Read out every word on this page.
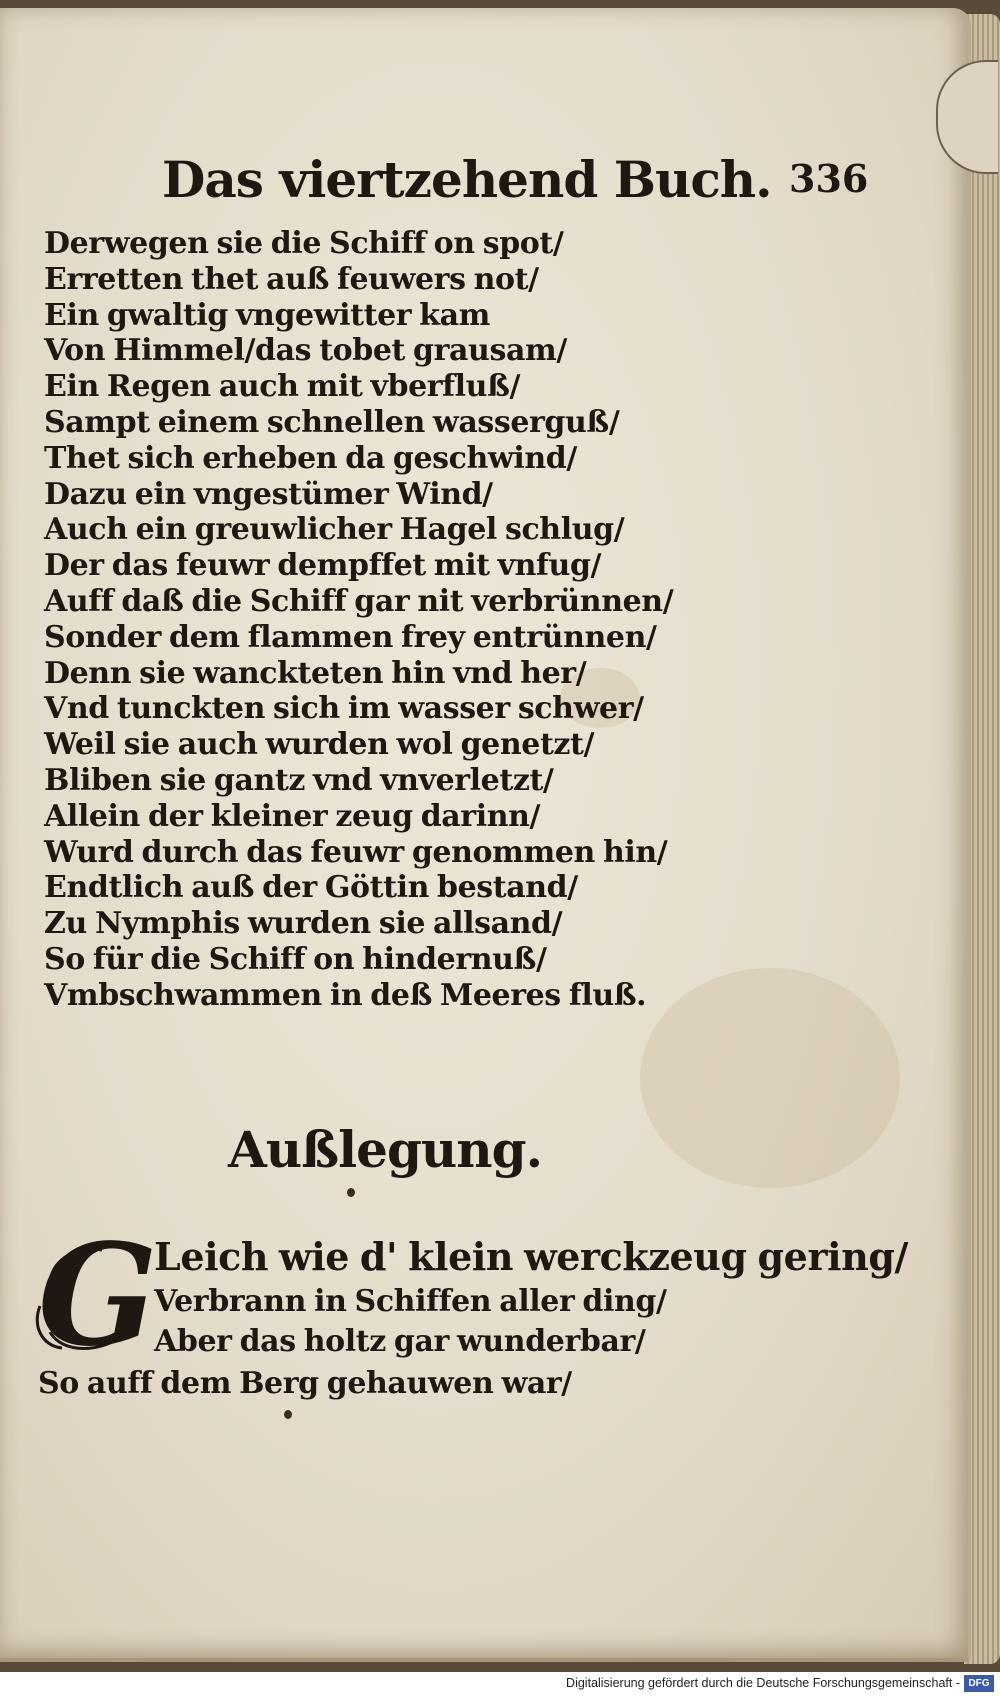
Das viertzehend Buch. 336
Derwegen sie die Schiff on spot/
Erretten thet auß feuwers not/
Ein gwaltig vngewitter kam
Von Himmel/das tobet grausam/
Ein Regen auch mit vberfluß/
Sampt einem schnellen wasserguß/
Thet sich erheben da geschwind/
Dazu ein vngestümer Wind/
Auch ein greuwlicher Hagel schlug/
Der das feuwr dempffet mit vnfug/
Auff daß die Schiff gar nit verbrünnen/
Sonder dem flammen frey entrünnen/
Denn sie wanckteten hin vnd her/
Vnd tunckten sich im wasser schwer/
Weil sie auch wurden wol genetzt/
Bliben sie gantz vnd vnverletzt/
Allein der kleiner zeug darinn/
Wurd durch das feuwr genommen hin/
Endtlich auß der Göttin bestand/
Zu Nymphis wurden sie allsand/
So für die Schiff on hindernuß/
Vmbschwammen in deß Meeres fluß.
Außlegung.
G
Leich wie d' klein werckzeug gering/
Verbrann in Schiffen aller ding/
Aber das holtz gar wunderbar/
So auff dem Berg gehauwen war/
Digitalisierung gefördert durch die Deutsche Forschungsgemeinschaft - DFG
